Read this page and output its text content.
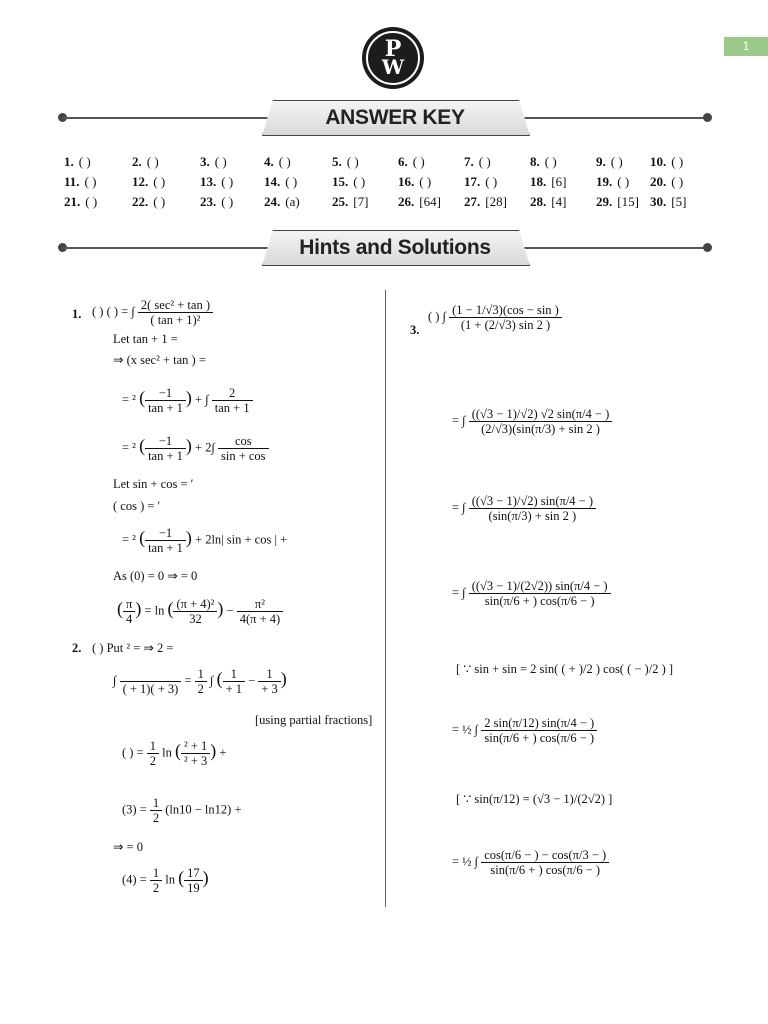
1
P
W
ANSWER KEY
1. ( )	2. ( )	3. ( )	4. ( )	5. ( )	6. ( )	7. ( )	8. ( )	9. ( ) 10. ( )
11. ( )	12. ( )	13. ( ) 14. ( )	15. ( )	16. ( )	17. ( )	18. [6] 19. ( ) 20. ( )
21. ( )	22. ( )	23. ( ) 24. (a) 25. [7] 26. [64] 27. [28] 28. [4] 29. [15] 30. [5]
Hints and Solutions
1. ( ) ( ) = ∫ $\frac{\text{2( sec² + tan )}}{\text{( tan + 1)²}}$
Let tan + 1 =
⇒ (x sec² + tan ) =
= ² ( $\frac{-1}{\tan + 1}$ ) + ∫ $\frac{2}{\tan + 1}$
= ² ( $\frac{-1}{\tan + 1}$ ) + $2\int \frac{\cos}{\sin + \cos}$
Let sin + cos = ′
( cos ) = ′
= ² ( $\frac{-1}{\tan + 1}$ ) + 2ln| sin + cos | +
As (0) = 0 ⇒ = 0
( $\frac{\pi}{4}$ ) = ln ( $\frac{\text{(π + 4)²}}{32}$ ) − $\frac{\text{π²}}{4(\pi + 4)}$
2. ( ) Put ² = ⇒ 2 =
∫

( + 1)( + 3)
= $\frac{1}{2}$ ∫ ( $\frac{1}{+ 1} - \frac{1}{+ 3}$ )
[using partial fractions]
( ) = $\frac{1}{2}$ ln ( $\frac{\text{² + 1}}{\text{² + 3}}$ ) +
$(3) = \frac{1}{2} (\ln 10 - \ln 12)$ +
⇒ = 0
$(4) = \frac{1}{2}$ ln ( $\frac{17}{19}$ )
3.
( ) ∫ $\frac{(1 - 1/√3)(\cos - \sin )}{(1 + (2/√3) \sin 2 )}$
= ∫ $\frac{((√3 - 1)/√2) √2 \sin(\pi/4 - )}{(2/√3)(\sin(\pi/3) + \sin 2 )}$
= ∫ $\frac{((√3 - 1)/√2) \sin(\pi/4 - )}{(\sin(\pi/3) + \sin 2 )}$
= ∫ $\frac{((√3 - 1)/(2√2)) \sin(\pi/4 - )}{\sin(\pi/6 + ) \cos(\pi/6 - )}$
[ ∵ sin + sin = 2 sin( ( + )/2 ) cos( ( − )/2 ) ]
= ½ ∫ $\frac{2 \sin(\pi/12) \sin(\pi/4 - )}{\sin(\pi/6 + ) \cos(\pi/6 - )}$
[ ∵ sin(π/12) = (√3 − 1)/(2√2) ]
= ½ ∫ $\frac{\cos(\pi/6 - ) - \cos(\pi/3 - )}{\sin(\pi/6 + ) \cos(\pi/6 - )}$
